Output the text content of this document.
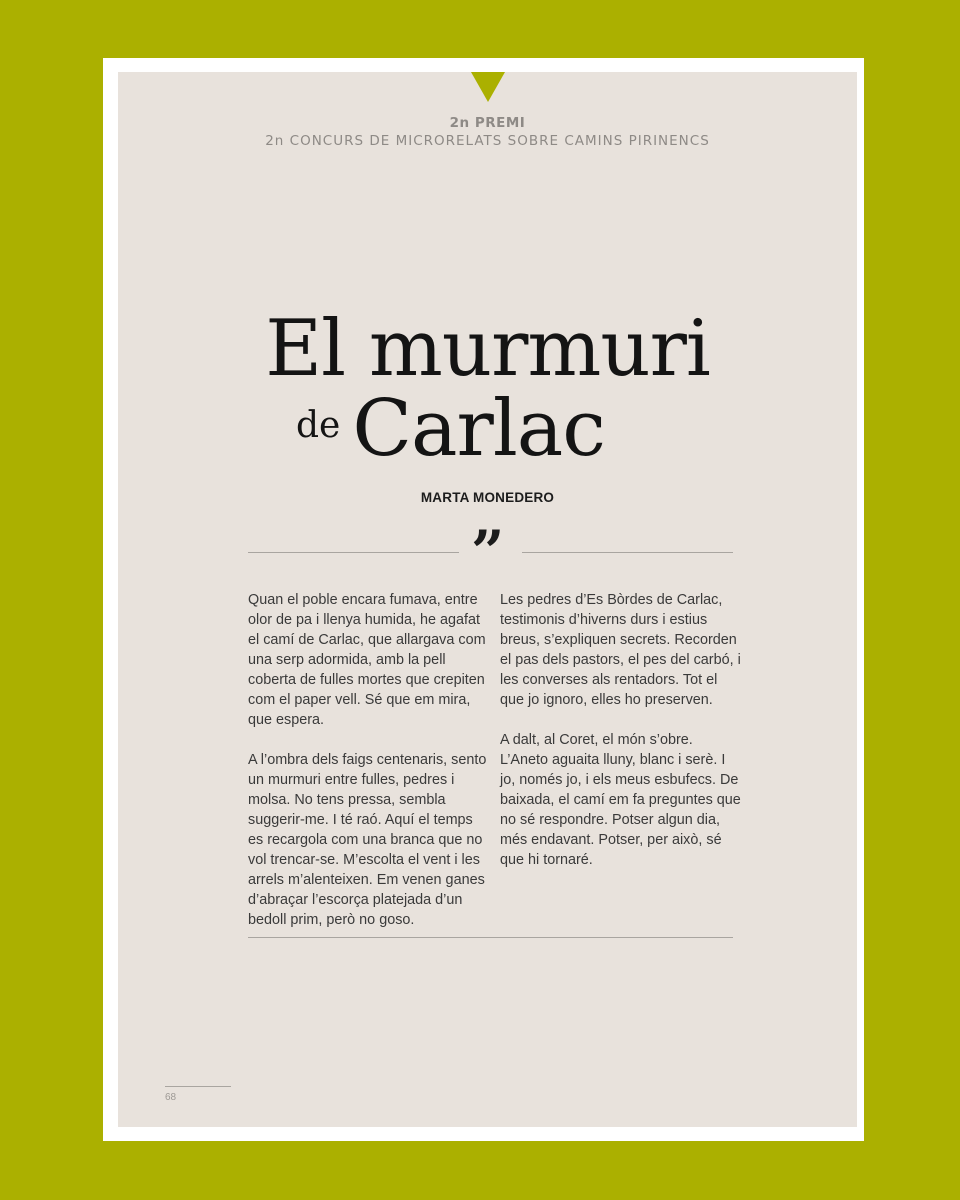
2n PREMI
2n CONCURS DE MICRORELATS SOBRE CAMINS PIRINENCS
El murmuri
de Carlac
MARTA MONEDERO
”

Quan el poble encara fumava, entre olor de pa i llenya humida, he agafat el camí de Carlac, que allargava com una serp adormida, amb la pell coberta de fulles mortes que crepiten com el paper vell. Sé que em mira, que espera.

A l’ombra dels faigs centenaris, sento un murmuri entre fulles, pedres i molsa. No tens pressa, sembla suggerir-me. I té raó. Aquí el temps es recargola com una branca que no vol trencar-se. M’escolta el vent i les arrels m’alenteixen. Em venen ganes d’abraçar l’escorça platejada d’un bedoll prim, però no goso.

Les pedres d’Es Bòrdes de Carlac, testimonis d’hiverns durs i estius breus, s’expliquen secrets. Recorden el pas dels pastors, el pes del carbó, i les converses als rentadors. Tot el que jo ignoro, elles ho preserven.

A dalt, al Coret, el món s’obre. L’Aneto aguaita lluny, blanc i serè. I jo, només jo, i els meus esbufecs. De baixada, el camí em fa preguntes que no sé respondre. Potser algun dia, més endavant. Potser, per això, sé que hi tornaré.

68
